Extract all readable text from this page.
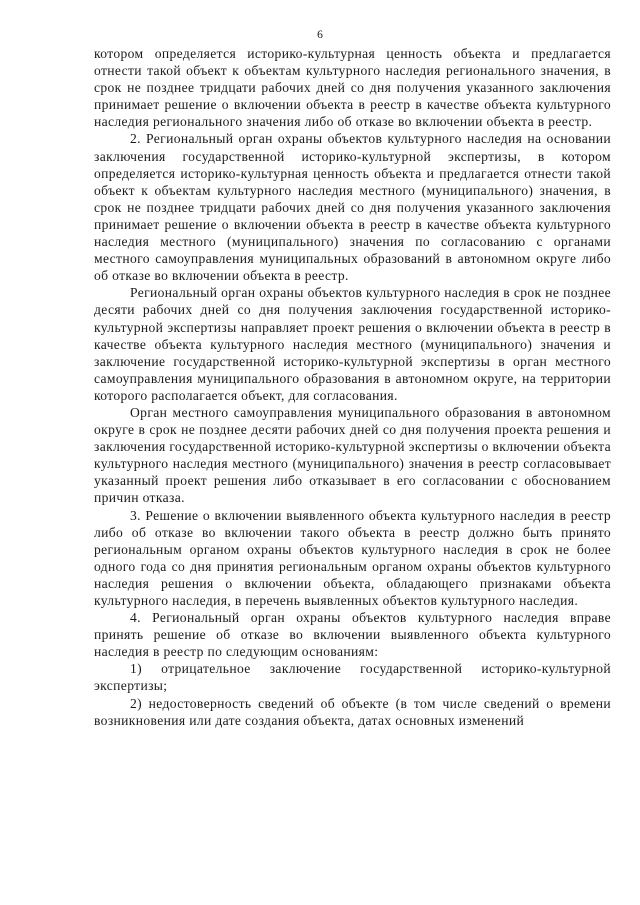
6

котором определяется историко-культурная ценность объекта и предлагается отнести такой объект к объектам культурного наследия регионального значения, в срок не позднее тридцати рабочих дней со дня получения указанного заключения принимает решение о включении объекта в реестр в качестве объекта культурного наследия регионального значения либо об отказе во включении объекта в реестр.

2. Региональный орган охраны объектов культурного наследия на основании заключения государственной историко-культурной экспертизы, в котором определяется историко-культурная ценность объекта и предлагается отнести такой объект к объектам культурного наследия местного (муниципального) значения, в срок не позднее тридцати рабочих дней со дня получения указанного заключения принимает решение о включении объекта в реестр в качестве объекта культурного наследия местного (муниципального) значения по согласованию с органами местного самоуправления муниципальных образований в автономном округе либо об отказе во включении объекта в реестр.

Региональный орган охраны объектов культурного наследия в срок не позднее десяти рабочих дней со дня получения заключения государственной историко-культурной экспертизы направляет проект решения о включении объекта в реестр в качестве объекта культурного наследия местного (муниципального) значения и заключение государственной историко-культурной экспертизы в орган местного самоуправления муниципального образования в автономном округе, на территории которого располагается объект, для согласования.

Орган местного самоуправления муниципального образования в автономном округе в срок не позднее десяти рабочих дней со дня получения проекта решения и заключения государственной историко-культурной экспертизы о включении объекта культурного наследия местного (муниципального) значения в реестр согласовывает указанный проект решения либо отказывает в его согласовании с обоснованием причин отказа.

3. Решение о включении выявленного объекта культурного наследия в реестр либо об отказе во включении такого объекта в реестр должно быть принято региональным органом охраны объектов культурного наследия в срок не более одного года со дня принятия региональным органом охраны объектов культурного наследия решения о включении объекта, обладающего признаками объекта культурного наследия, в перечень выявленных объектов культурного наследия.

4. Региональный орган охраны объектов культурного наследия вправе принять решение об отказе во включении выявленного объекта культурного наследия в реестр по следующим основаниям:

1) отрицательное заключение государственной историко-культурной экспертизы;

2) недостоверность сведений об объекте (в том числе сведений о времени возникновения или дате создания объекта, датах основных изменений
